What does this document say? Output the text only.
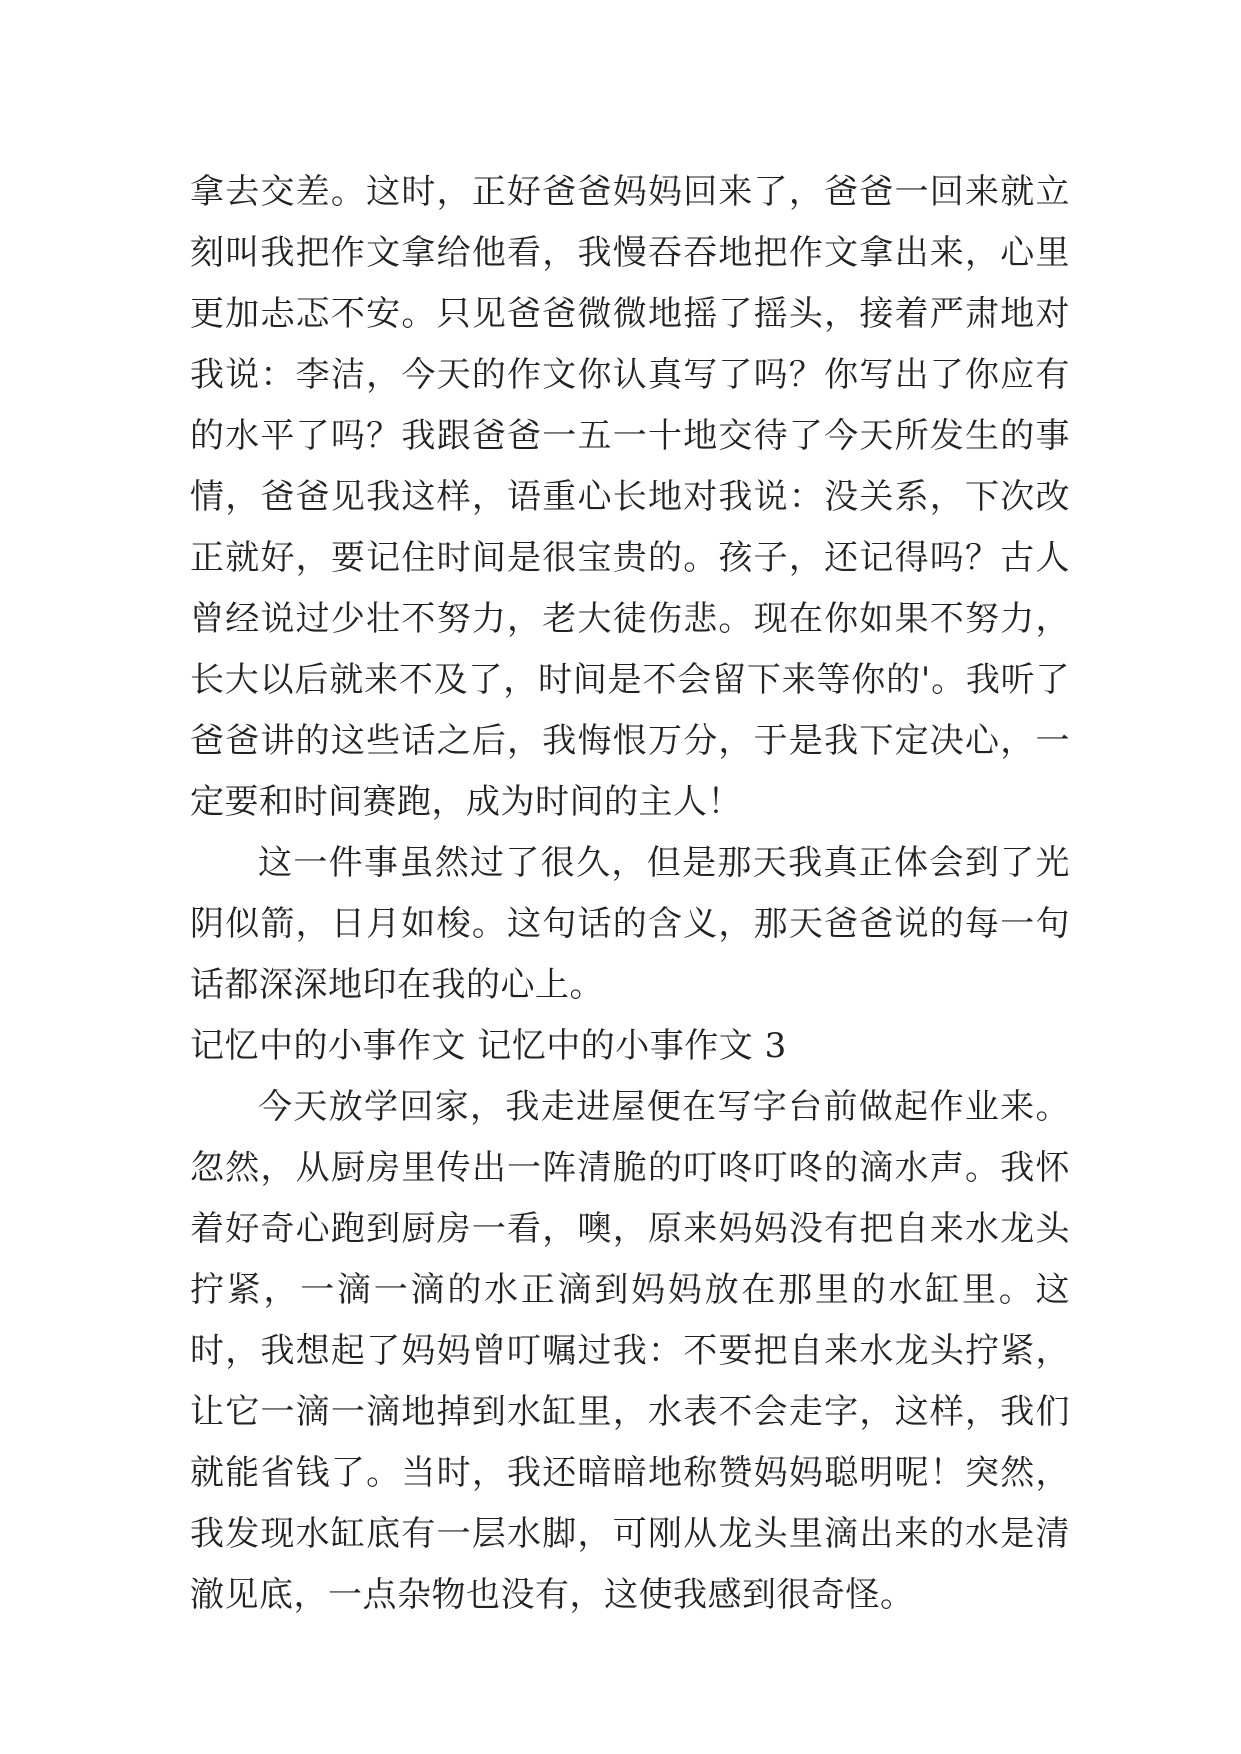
拿去交差。这时，正好爸爸妈妈回来了，爸爸一回来就立刻叫我把作文拿给他看，我慢吞吞地把作文拿出来，心里更加忐忑不安。只见爸爸微微地摇了摇头，接着严肃地对我说：李洁，今天的作文你认真写了吗？你写出了你应有的水平了吗？我跟爸爸一五一十地交待了今天所发生的事情，爸爸见我这样，语重心长地对我说：没关系，下次改正就好，要记住时间是很宝贵的。孩子，还记得吗？古人曾经说过少壮不努力，老大徒伤悲。现在你如果不努力，长大以后就来不及了，时间是不会留下来等你的'。我听了爸爸讲的这些话之后，我悔恨万分，于是我下定决心，一定要和时间赛跑，成为时间的主人！

这一件事虽然过了很久，但是那天我真正体会到了光阴似箭，日月如梭。这句话的含义，那天爸爸说的每一句话都深深地印在我的心上。

记忆中的小事作文 记忆中的小事作文 3

今天放学回家，我走进屋便在写字台前做起作业来。忽然，从厨房里传出一阵清脆的叮咚叮咚的滴水声。我怀着好奇心跑到厨房一看，噢，原来妈妈没有把自来水龙头拧紧，一滴一滴的水正滴到妈妈放在那里的水缸里。这时，我想起了妈妈曾叮嘱过我：不要把自来水龙头拧紧，让它一滴一滴地掉到水缸里，水表不会走字，这样，我们就能省钱了。当时，我还暗暗地称赞妈妈聪明呢！突然，我发现水缸底有一层水脚，可刚从龙头里滴出来的水是清澈见底，一点杂物也没有，这使我感到很奇怪。
